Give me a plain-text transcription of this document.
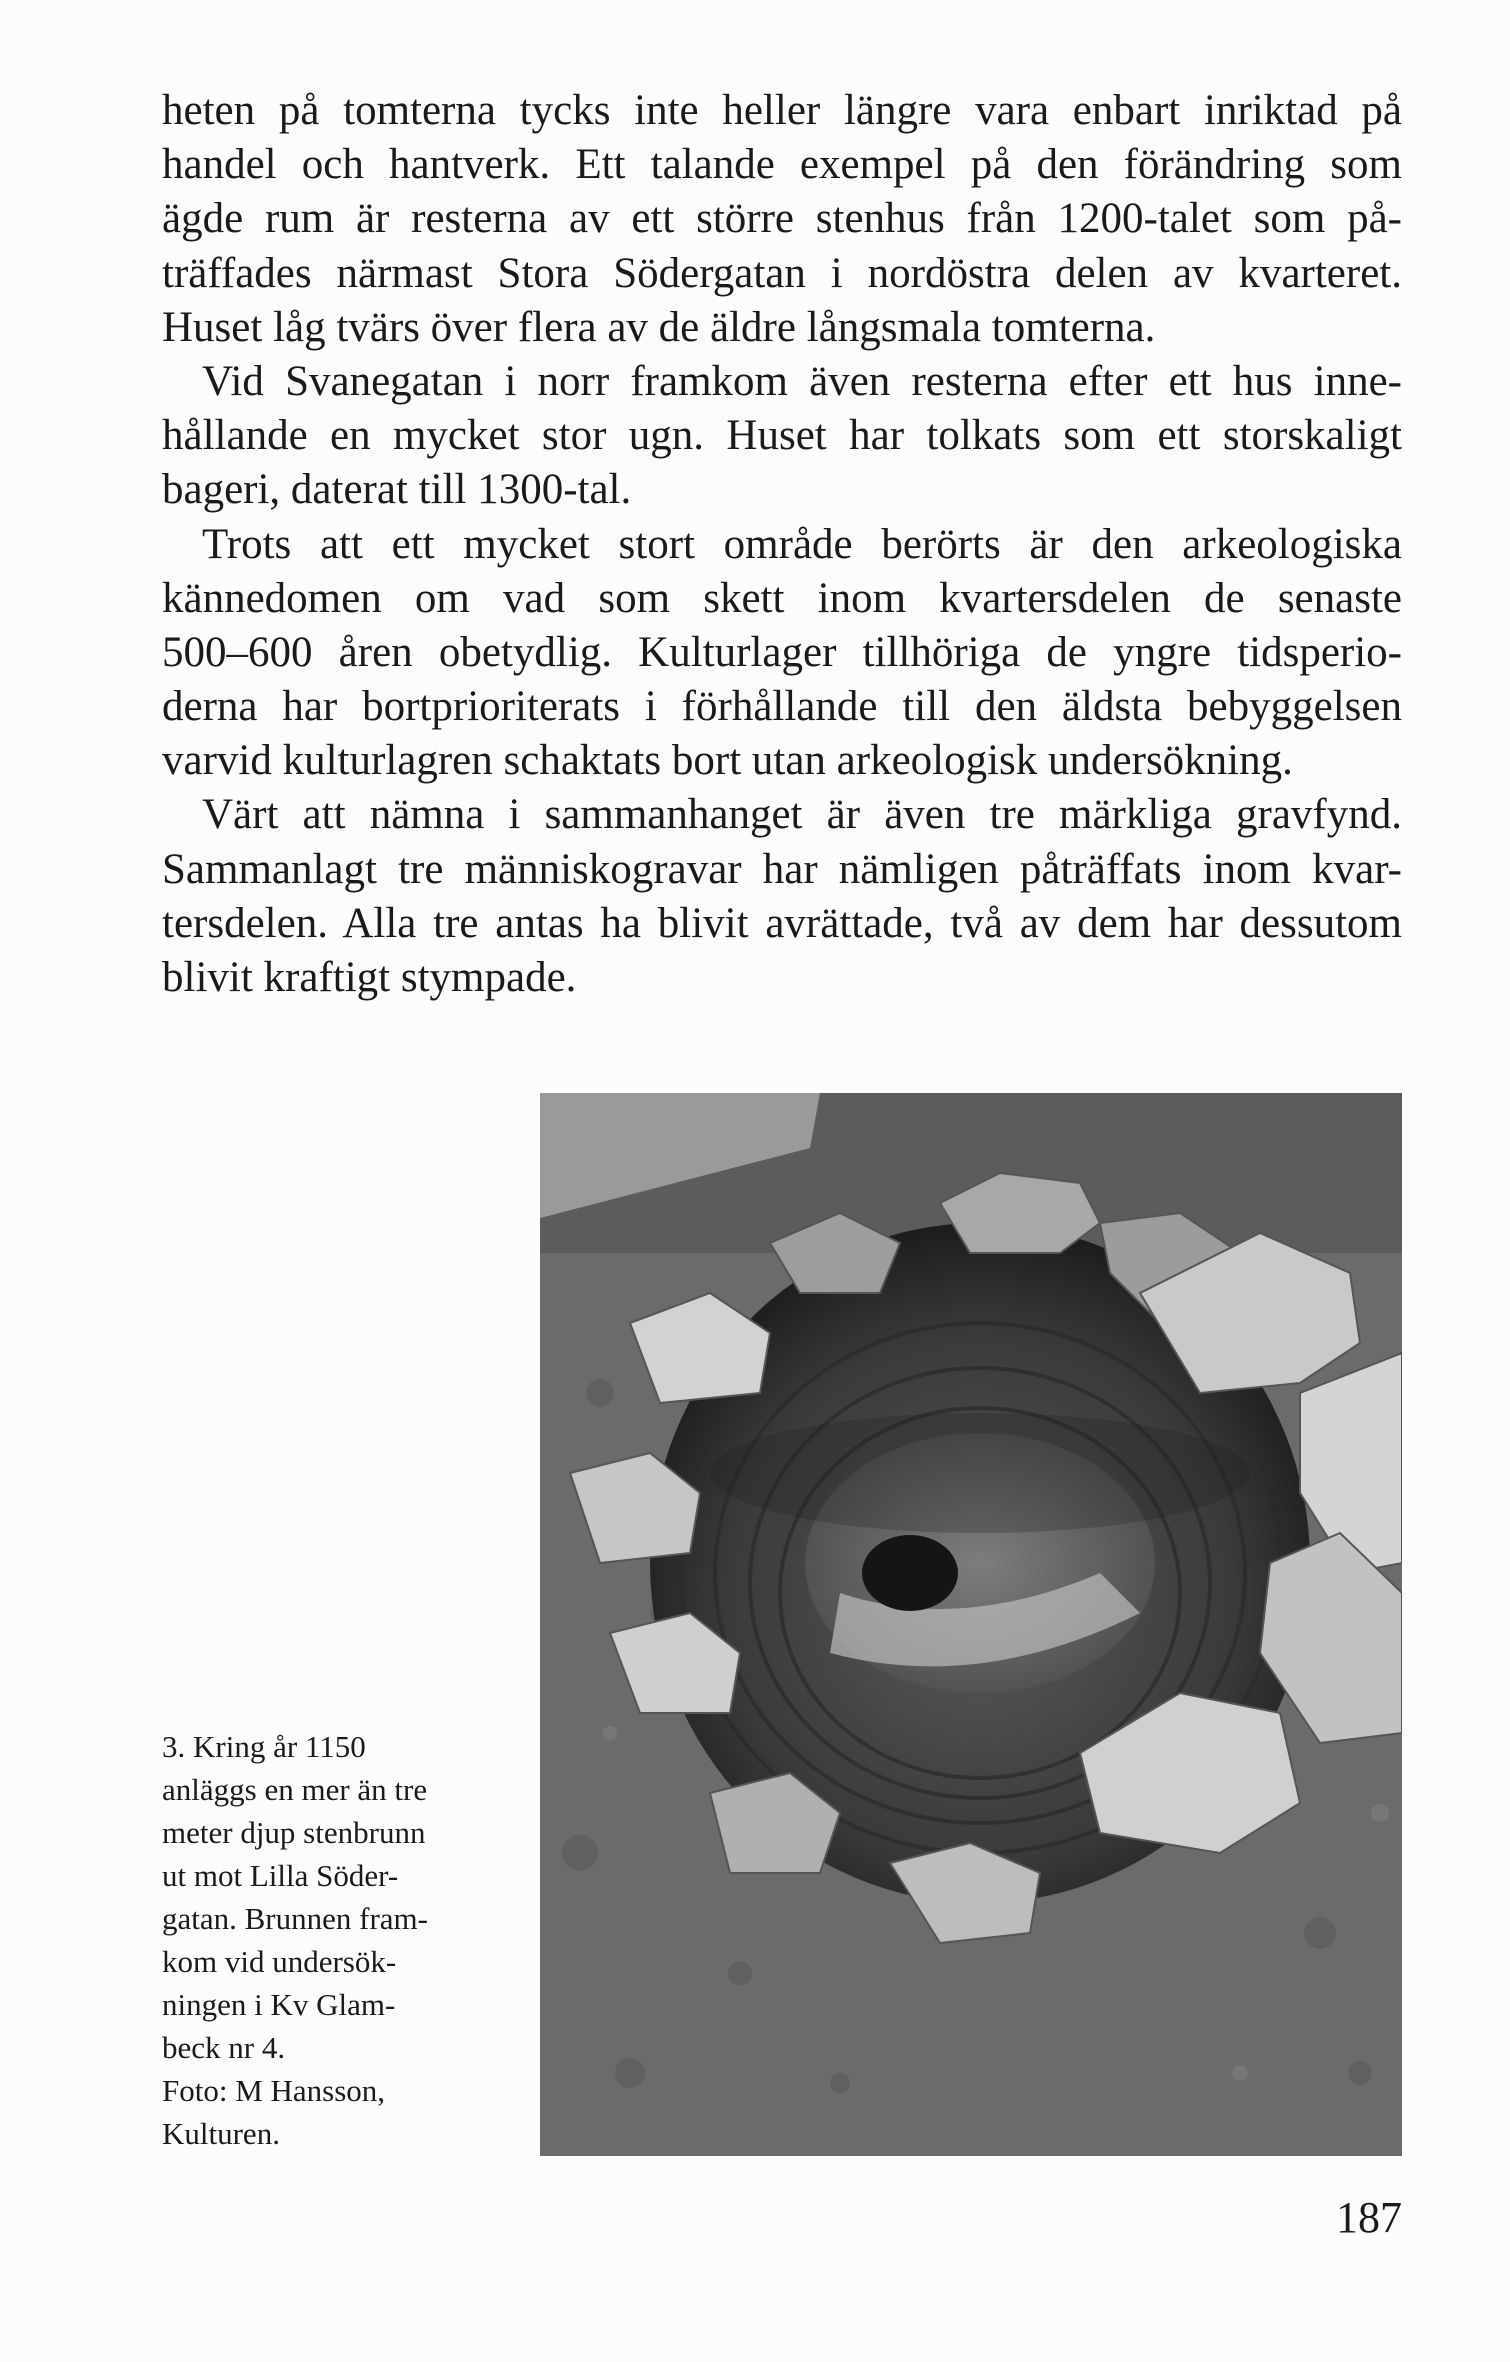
heten på tomterna tycks inte heller längre vara enbart inriktad på
handel och hantverk. Ett talande exempel på den förändring som
ägde rum är resterna av ett större stenhus från 1200-talet som på-
träffades närmast Stora Södergatan i nordöstra delen av kvarteret.
Huset låg tvärs över flera av de äldre långsmala tomterna.
Vid Svanegatan i norr framkom även resterna efter ett hus inne-
hållande en mycket stor ugn. Huset har tolkats som ett storskaligt
bageri, daterat till 1300-tal.
Trots att ett mycket stort område berörts är den arkeologiska
kännedomen om vad som skett inom kvartersdelen de senaste
500–600 åren obetydlig. Kulturlager tillhöriga de yngre tidsperio-
derna har bortprioriterats i förhållande till den äldsta bebyggelsen
varvid kulturlagren schaktats bort utan arkeologisk undersökning.
Värt att nämna i sammanhanget är även tre märkliga gravfynd.
Sammanlagt tre människogravar har nämligen påträffats inom kvar-
tersdelen. Alla tre antas ha blivit avrättade, två av dem har dessutom
blivit kraftigt stympade.
3. Kring år 1150
anläggs en mer än tre
meter djup stenbrunn
ut mot Lilla Söder-
gatan. Brunnen fram-
kom vid undersök-
ningen i Kv Glam-
beck nr 4.
Foto: M Hansson,
Kulturen.
187
